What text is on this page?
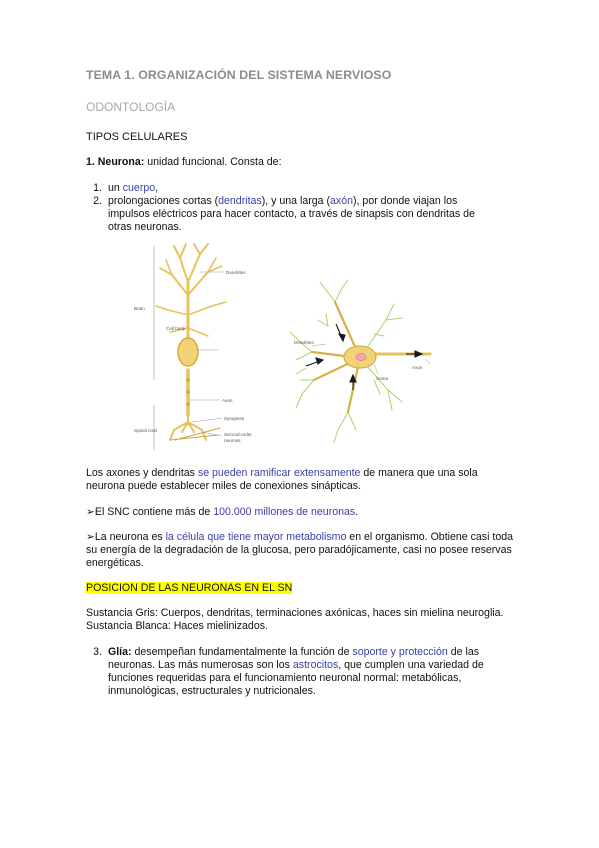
TEMA 1. ORGANIZACIÓN DEL SISTEMA NERVIOSO
ODONTOLOGÍA
TIPOS CELULARES
1. Neurona: unidad funcional. Consta de:
1. un cuerpo,
2. prolongaciones cortas (dendritas), y una larga (axón), por donde viajan los
impulsos eléctricos para hacer contacto, a través de sinapsis con dendritas de
otras neuronas.
Dendrites
Brain
Cell body
Axon
Synapses
Spinal cord
Second-order
neurons
Dendrites
Axon
Soma
Los axones y dendritas se pueden ramificar extensamente de manera que una sola
neurona puede establecer miles de conexiones sinápticas.
➢El SNC contiene más de 100.000 millones de neuronas.
➢La neurona es la célula que tiene mayor metabolismo en el organismo. Obtiene casi toda
su energía de la degradación de la glucosa, pero paradójicamente, casi no posee reservas
energéticas.
POSICION DE LAS NEURONAS EN EL SN
Sustancia Gris: Cuerpos, dendritas, terminaciones axónicas, haces sin mielina neuroglia.
Sustancia Blanca: Haces mielinizados.
3. Glía: desempeñan fundamentalmente la función de soporte y protección de las
neuronas. Las más numerosas son los astrocitos, que cumplen una variedad de
funciones requeridas para el funcionamiento neuronal normal: metabólicas,
inmunológicas, estructurales y nutricionales.
